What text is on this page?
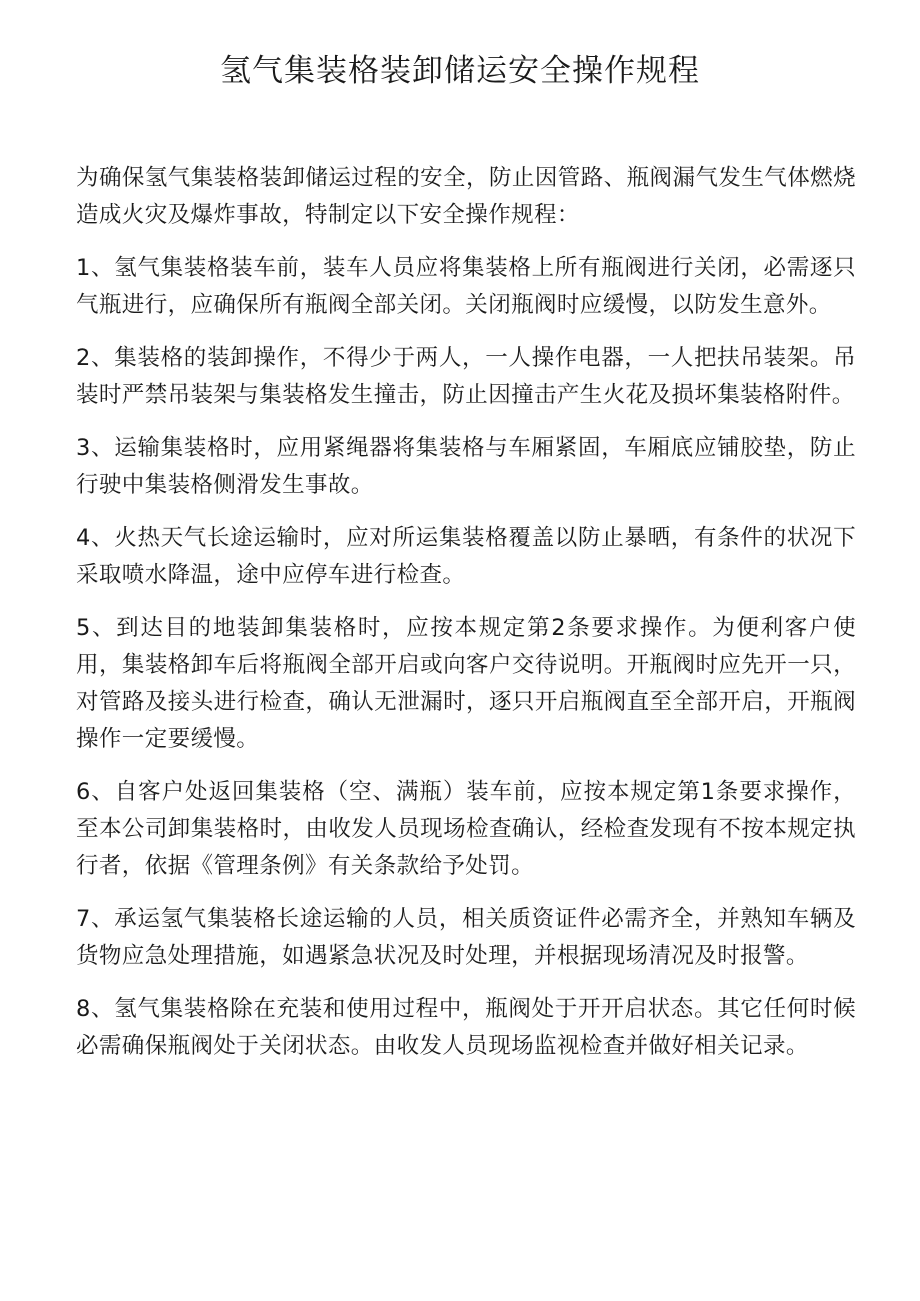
氢气集装格装卸储运安全操作规程

为确保氢气集装格装卸储运过程的安全，防止因管路、瓶阀漏气发生气体燃烧造成火灾及爆炸事故，特制定以下安全操作规程：

1、氢气集装格装车前，装车人员应将集装格上所有瓶阀进行关闭，必需逐只气瓶进行，应确保所有瓶阀全部关闭。关闭瓶阀时应缓慢，以防发生意外。

2、集装格的装卸操作，不得少于两人，一人操作电器，一人把扶吊装架。吊装时严禁吊装架与集装格发生撞击，防止因撞击产生火花及损坏集装格附件。

3、运输集装格时，应用紧绳器将集装格与车厢紧固，车厢底应铺胶垫，防止行驶中集装格侧滑发生事故。

4、火热天气长途运输时，应对所运集装格覆盖以防止暴晒，有条件的状况下采取喷水降温，途中应停车进行检查。

5、到达目的地装卸集装格时，应按本规定第2条要求操作。为便利客户使用，集装格卸车后将瓶阀全部开启或向客户交待说明。开瓶阀时应先开一只，对管路及接头进行检查，确认无泄漏时，逐只开启瓶阀直至全部开启，开瓶阀操作一定要缓慢。

6、自客户处返回集装格（空、满瓶）装车前，应按本规定第1条要求操作，至本公司卸集装格时，由收发人员现场检查确认，经检查发现有不按本规定执行者，依据《管理条例》有关条款给予处罚。

7、承运氢气集装格长途运输的人员，相关质资证件必需齐全，并熟知车辆及货物应急处理措施，如遇紧急状况及时处理，并根据现场清况及时报警。

8、氢气集装格除在充装和使用过程中，瓶阀处于开开启状态。其它任何时候必需确保瓶阀处于关闭状态。由收发人员现场监视检查并做好相关记录。
